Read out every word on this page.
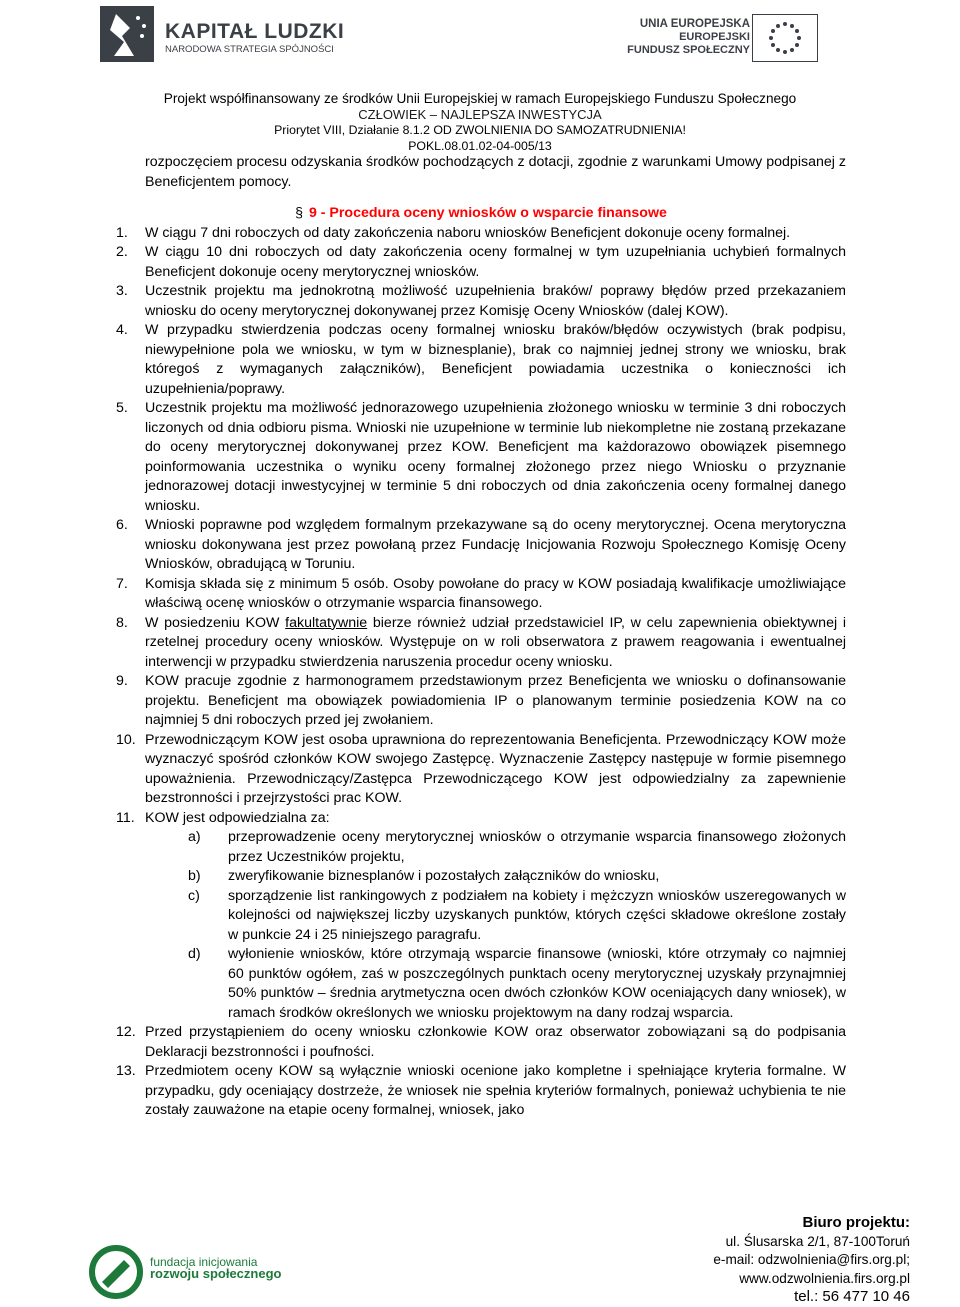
KAPITAŁ LUDZKI
NARODOWA STRATEGIA SPÓJNOŚCI
UNIA EUROPEJSKA
EUROPEJSKI
FUNDUSZ SPOŁECZNY
Projekt współfinansowany ze środków Unii Europejskiej w ramach Europejskiego Funduszu Społecznego
CZŁOWIEK – NAJLEPSZA INWESTYCJA
Priorytet VIII, Działanie 8.1.2 OD ZWOLNIENIA DO SAMOZATRUDNIENIA!
POKL.08.01.02-04-005/13

rozpoczęciem procesu odzyskania środków pochodzących z dotacji, zgodnie z warunkami Umowy podpisanej z Beneficjentem pomocy.

§ 9 - Procedura oceny wniosków o wsparcie finansowe

1.	W ciągu 7 dni roboczych od daty zakończenia naboru wniosków Beneficjent dokonuje oceny formalnej.
2.	W ciągu 10 dni roboczych od daty zakończenia oceny formalnej w tym uzupełniania uchybień formalnych Beneficjent dokonuje oceny merytorycznej wniosków.
3.	Uczestnik projektu ma jednokrotną możliwość uzupełnienia braków/ poprawy błędów przed przekazaniem wniosku do oceny merytorycznej dokonywanej przez Komisję Oceny Wniosków (dalej KOW).
4.	W przypadku stwierdzenia podczas oceny formalnej wniosku braków/błędów oczywistych (brak podpisu, niewypełnione pola we wniosku, w tym w biznesplanie), brak co najmniej jednej strony we wniosku, brak któregoś z wymaganych załączników), Beneficjent powiadamia uczestnika o konieczności ich uzupełnienia/poprawy.
5.	Uczestnik projektu ma możliwość jednorazowego uzupełnienia złożonego wniosku w terminie 3 dni roboczych liczonych od dnia odbioru pisma. Wnioski nie uzupełnione w terminie lub niekompletne nie zostaną przekazane do oceny merytorycznej dokonywanej przez KOW. Beneficjent ma każdorazowo obowiązek pisemnego poinformowania uczestnika o wyniku oceny formalnej złożonego przez niego Wniosku o przyznanie jednorazowej dotacji inwestycyjnej w terminie 5 dni roboczych od dnia zakończenia oceny formalnej danego wniosku.
6.	Wnioski poprawne pod względem formalnym przekazywane są do oceny merytorycznej. Ocena merytoryczna wniosku dokonywana jest przez powołaną przez Fundację Inicjowania Rozwoju Społecznego Komisję Oceny Wniosków, obradującą w Toruniu.
7.	Komisja składa się z minimum 5 osób. Osoby powołane do pracy w KOW posiadają kwalifikacje umożliwiające właściwą ocenę wniosków o otrzymanie wsparcia finansowego.
8.	W posiedzeniu KOW fakultatywnie bierze również udział przedstawiciel IP, w celu zapewnienia obiektywnej i rzetelnej procedury oceny wniosków. Występuje on w roli obserwatora z prawem reagowania i ewentualnej interwencji w przypadku stwierdzenia naruszenia procedur oceny wniosku.
9.	KOW pracuje zgodnie z harmonogramem przedstawionym przez Beneficjenta we wniosku o dofinansowanie projektu. Beneficjent ma obowiązek powiadomienia IP o planowanym terminie posiedzenia KOW na co najmniej 5 dni roboczych przed jej zwołaniem.
10. Przewodniczącym KOW jest osoba uprawniona do reprezentowania Beneficjenta. Przewodniczący KOW może wyznaczyć spośród członków KOW swojego Zastępcę. Wyznaczenie Zastępcy następuje w formie pisemnego upoważnienia. Przewodniczący/Zastępca Przewodniczącego KOW jest odpowiedzialny za zapewnienie bezstronności i przejrzystości prac KOW.
11. KOW jest odpowiedzialna za:
a)	przeprowadzenie oceny merytorycznej wniosków o otrzymanie wsparcia finansowego złożonych przez Uczestników projektu,
b)	zweryfikowanie biznesplanów i pozostałych załączników do wniosku,
c)	sporządzenie list rankingowych z podziałem na kobiety i mężczyzn wniosków uszeregowanych w kolejności od największej liczby uzyskanych punktów, których części składowe określone zostały w punkcie 24 i 25 niniejszego paragrafu.
d)	wyłonienie wniosków, które otrzymają wsparcie finansowe (wnioski, które otrzymały co najmniej 60 punktów ogółem, zaś w poszczególnych punktach oceny merytorycznej uzyskały przynajmniej 50% punktów – średnia arytmetyczna ocen dwóch członków KOW oceniających dany wniosek), w ramach środków określonych we wniosku projektowym na dany rodzaj wsparcia.
12. Przed przystąpieniem do oceny wniosku członkowie KOW oraz obserwator zobowiązani są do podpisania Deklaracji bezstronności i poufności.
13. Przedmiotem oceny KOW są wyłącznie wnioski ocenione jako kompletne i spełniające kryteria formalne. W przypadku, gdy oceniający dostrzeże, że wniosek nie spełnia kryteriów formalnych, ponieważ uchybienia te nie zostały zauważone na etapie oceny formalnej, wniosek, jako
fundacja inicjowania
rozwoju społecznego
Biuro projektu:
ul. Ślusarska 2/1, 87-100Toruń
e-mail: odzwolnienia@firs.org.pl;
www.odzwolnienia.firs.org.pl
tel.: 56 477 10 46
